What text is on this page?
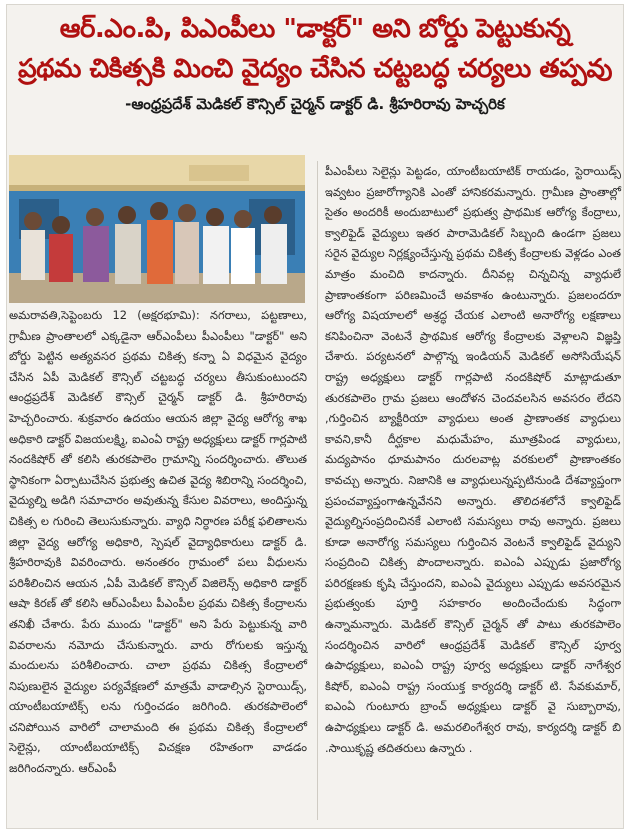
ఆర్.ఎం.పి, పిఎంపీలు "డాక్టర్" అని బోర్డు పెట్టుకున్న
ప్రథమ చికిత్సకి మించి వైద్యం చేసిన చట్టబద్ధ చర్యలు తప్పవు
-ఆంధ్రప్రదేశ్ మెడికల్ కౌన్సిల్ చైర్మన్ డాక్టర్ డి. శ్రీహరిరావు హెచ్చరిక

అమరావతి,సెప్టెంబరు 12 (అక్షరభూమి): నగరాలు, పట్టణాలు, గ్రామీణ ప్రాంతాలలో ఎక్కడైనా ఆర్ఎంపీలు పీఎంపీలు "డాక్టర్" అని బోర్డు పెట్టిన అత్యవసర ప్రథమ చికిత్స కన్నా ఏ విధమైన వైద్యం చేసిన ఏపీ మెడికల్ కౌన్సిల్ చట్టబద్ధ చర్యలు తీసుకుంటుందని ఆంధ్రప్రదేశ్ మెడికల్ కౌన్సిల్ చైర్మన్ డాక్టర్ డి. శ్రీహరిరావు హెచ్చరించారు. శుక్రవారం ఉదయం ఆయన జిల్లా వైద్య ఆరోగ్య శాఖ అధికారి డాక్టర్ విజయలక్ష్మి, ఐఎంఏ రాష్ట్ర అధ్యక్షులు డాక్టర్ గార్లపాటి నందకిషోర్ తో కలిసి తురకపాలెం గ్రామాన్ని సందర్శించారు. తొలుత స్థానికంగా ఏర్పాటుచేసిన ప్రభుత్వ ఉచిత వైద్య శిబిరాన్ని సందర్శించి, వైద్యుల్ని అడిగి సమాచారం అవుతున్న కేసుల వివరాలు, అందిస్తున్న చికిత్స ల గురించి తెలుసుకున్నారు. వ్యాధి నిర్ధారణ పరీక్ష ఫలితాలను జిల్లా వైద్య ఆరోగ్య అధికారి, స్పెషల్ వైద్యాధికారులు డాక్టర్ డి. శ్రీహరిరావుకి వివరించారు. అనంతరం గ్రామంలో పలు వీధులను పరిశీలించిన ఆయన ,ఏపీ మెడికల్ కౌన్సిల్ విజిలెన్స్ అధికారి డాక్టర్ ఆషా కిరణ్ తో కలిసి ఆర్ఎంపీలు పీఎంపీల ప్రథమ చికిత్స కేంద్రాలను తనిఖీ చేశారు. పేరు ముందు "డాక్టర్" అని పేరు పెట్టుకున్న వారి వివరాలను నమోదు చేసుకున్నారు. వారు రోగులకు ఇస్తున్న మందులను పరిశీలించారు. చాలా ప్రథమ చికిత్స కేంద్రాలలో నిపుణులైన వైద్యుల పర్యవేక్షణలో మాత్రమే వాడాల్సిన స్టెరాయిడ్స్, యాంటీబయాటిక్స్ లను గుర్తించడం జరిగింది. తురకపాలెంలో చనిపోయిన వారిలో చాలామంది ఈ ప్రథమ చికిత్స కేంద్రాలలో సెలైన్లు, యాంటీబయాటిక్స్ విచక్షణ రహితంగా వాడడం జరిగిందన్నారు. ఆర్ఎంపీ

పీఎంపీలు సెలైన్లు పెట్టడం, యాంటీబయాటిక్ రాయడం, స్టెరాయిడ్స్ ఇవ్వటం ప్రజారోగ్యానికి ఎంతో హానికరమన్నారు. గ్రామీణ ప్రాంతాల్లో సైతం అందరికీ అందుబాటులో ప్రభుత్వ ప్రాథమిక ఆరోగ్య కేంద్రాలు, క్వాలిఫైడ్ వైద్యులు ఇతర పారామెడికల్ సిబ్బంది ఉండగా ప్రజలు సరైన వైద్యుల నిర్లక్ష్యంచేస్తున్న ప్రథమ చికిత్స కేంద్రాలకు వెళ్లడం ఎంత మాత్రం మంచిది కాదన్నారు. దీనివల్ల చిన్నచిన్న వ్యాధులే ప్రాణాంతకంగా పరిణమించే అవకాశం ఉంటున్నారు. ప్రజలందరూ ఆరోగ్య విషయాలలో అశ్రద్ధ చేయక ఎలాంటి అనారోగ్య లక్షణాలు కనిపించినా వెంటనే ప్రాథమిక ఆరోగ్య కేంద్రాలకు వెళ్లాలని విజ్ఞప్తి చేశారు. పర్యటనలో పాల్గొన్న ఇండియన్ మెడికల్ అసోసియేషన్ రాష్ట్ర అధ్యక్షులు డాక్టర్ గార్లపాటి నందకిషోర్ మాట్లాడుతూ తురకపాలెం గ్రామ ప్రజలు ఆందోళన చెందవలసిన అవసరం లేదని ,గుర్తించిన బ్యాక్టీరియా వ్యాధులు అంత ప్రాణాంతక వ్యాధులు కావని,కానీ దీర్ఘకాల మధుమేహం, మూత్రపిండ వ్యాధులు, మద్యపానం ధూమపానం దురలవాట్ల వరకులలో ప్రాణాంతకం కావచ్చు అన్నారు. నిజానికి ఆ వ్యాధులున్నప్పటినుండి దేశవ్యాప్తంగా ప్రపంచవ్యాప్తంగాఉన్నవేనని అన్నారు. తొలిదశలోనే క్వాలిఫైడ్ వైద్యుల్నిసంప్రదించినకే ఎలాంటి సమస్యలు రావు అన్నారు. ప్రజలు కూడా అనారోగ్య సమస్యలు గుర్తించిన వెంటనే క్వాలిఫైడ్ వైద్యుని సంప్రదించి చికిత్స పొందాలన్నారు. ఐఎంఏ ఎప్పుడు ప్రజారోగ్య పరిరక్షణకు కృషి చేస్తుందని, ఐఎంఏ వైద్యులు ఎప్పుడు అవసరమైన ప్రభుత్వంకు పూర్తి సహకారం అందించేందుకు సిద్ధంగా ఉన్నామన్నారు. మెడికల్ కౌన్సిల్ చైర్మన్ తో పాటు తురకపాలెం సందర్శించిన వారిలో ఆంధ్రప్రదేశ్ మెడికల్ కౌన్సిల్ పూర్వ ఉపాధ్యక్షులు, ఐఎంఏ రాష్ట్ర పూర్వ అధ్యక్షులు డాక్టర్ నాగేశ్వర కిషోర్, ఐఎంఏ రాష్ట్ర సంయుక్త కార్యదర్శి డాక్టర్ టి. సేవకుమార్, ఐఎంఏ గుంటూరు బ్రాంచ్ అధ్యక్షులు డాక్టర్ వై సుబ్బారావు, ఉపాధ్యక్షులు డాక్టర్ డి. అమరలింగేశ్వర రావు, కార్యదర్శి డాక్టర్ బి .సాయికృష్ణ తదితరులు ఉన్నారు .
